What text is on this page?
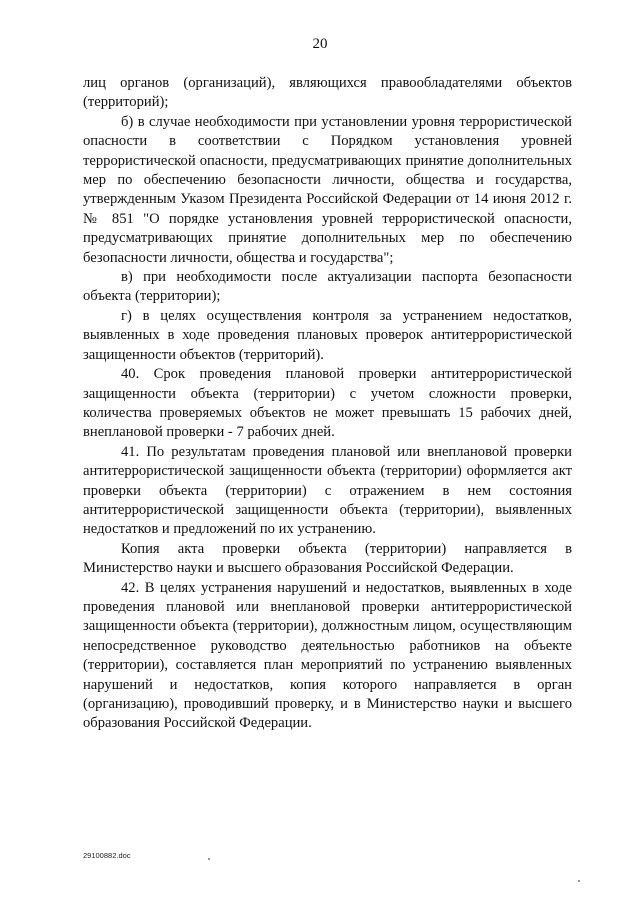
20

лиц органов (организаций), являющихся правообладателями объектов (территорий);

б) в случае необходимости при установлении уровня террористической опасности в соответствии с Порядком установления уровней террористической опасности, предусматривающих принятие дополнительных мер по обеспечению безопасности личности, общества и государства, утвержденным Указом Президента Российской Федерации от 14 июня 2012 г. № 851 "О порядке установления уровней террористической опасности, предусматривающих принятие дополнительных мер по обеспечению безопасности личности, общества и государства";

в) при необходимости после актуализации паспорта безопасности объекта (территории);

г) в целях осуществления контроля за устранением недостатков, выявленных в ходе проведения плановых проверок антитеррористической защищенности объектов (территорий).

40. Срок проведения плановой проверки антитеррористической защищенности объекта (территории) с учетом сложности проверки, количества проверяемых объектов не может превышать 15 рабочих дней, внеплановой проверки - 7 рабочих дней.

41. По результатам проведения плановой или внеплановой проверки антитеррористической защищенности объекта (территории) оформляется акт проверки объекта (территории) с отражением в нем состояния антитеррористической защищенности объекта (территории), выявленных недостатков и предложений по их устранению.

Копия акта проверки объекта (территории) направляется в Министерство науки и высшего образования Российской Федерации.

42. В целях устранения нарушений и недостатков, выявленных в ходе проведения плановой или внеплановой проверки антитеррористической защищенности объекта (территории), должностным лицом, осуществляющим непосредственное руководство деятельностью работников на объекте (территории), составляется план мероприятий по устранению выявленных нарушений и недостатков, копия которого направляется в орган (организацию), проводивший проверку, и в Министерство науки и высшего образования Российской Федерации.

29100882.doc
